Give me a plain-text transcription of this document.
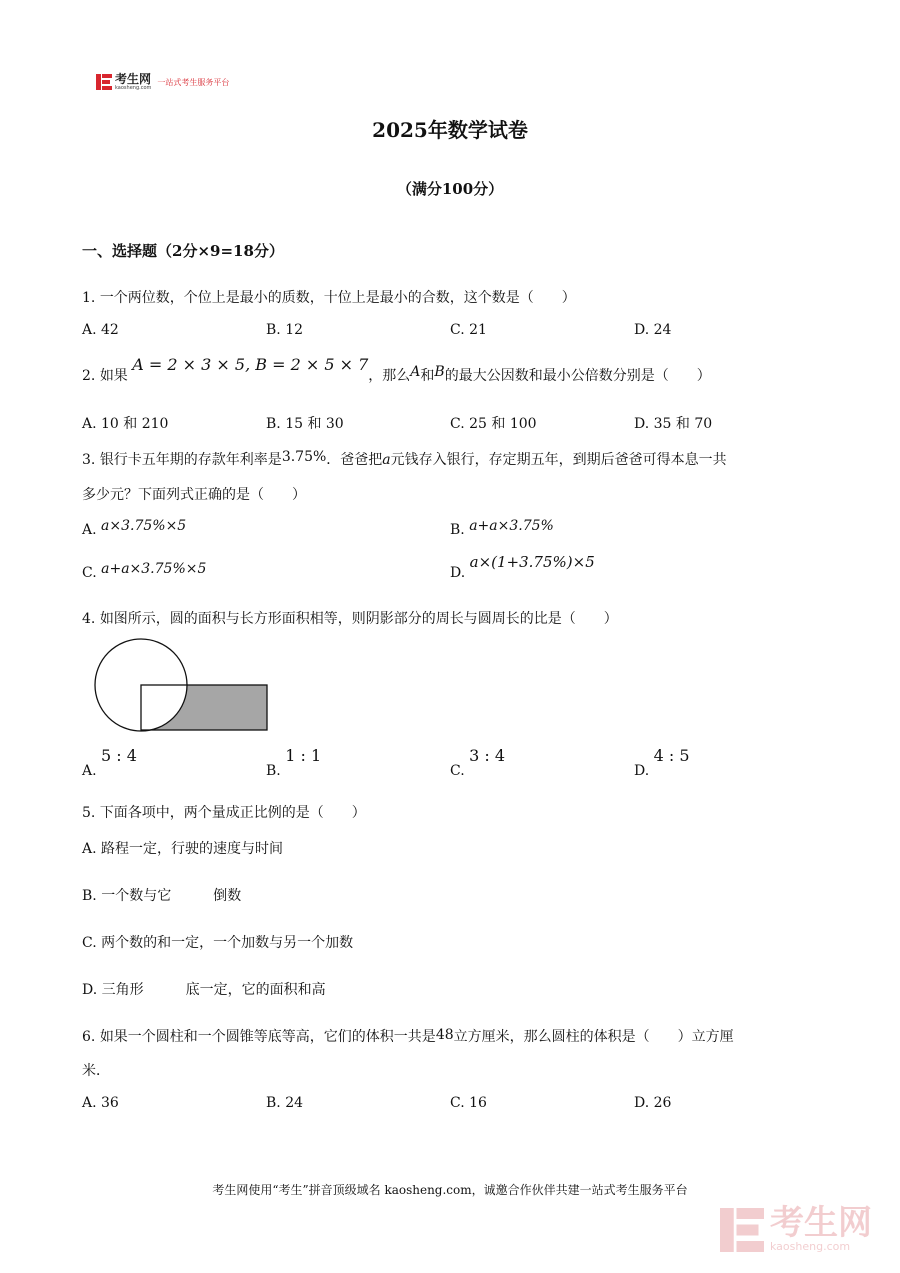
考生网
kaosheng.com
一站式考生服务平台
2025年数学试卷
（满分100分）
一、选择题（2分×9=18分）
1. 一个两位数，个位上是最小的质数，十位上是最小的合数，这个数是（　　）
A. 42	B. 12	C. 21	D. 24
2. 如果 A = 2 × 3 × 5, B = 2 × 5 × 7，那么A和B的最大公因数和最小公倍数分别是（　　）
A. 10 和 210	B. 15 和 30	C. 25 和 100	D. 35 和 70
3. 银行卡五年期的存款年利率是3.75%．爸爸把a元钱存入银行，存定期五年，到期后爸爸可得本息一共
多少元？下面列式正确的是（　　）
A. a×3.75%×5	B. a+a×3.75%
C. a+a×3.75%×5	D. a×(1+3.75%)×5
4. 如图所示，圆的面积与长方形面积相等，则阴影部分的周长与圆周长的比是（　　）
A. 5 : 4
B. 1 : 1
C. 3 : 4
D. 4 : 5
5. 下面各项中，两个量成正比例的是（　　）
A. 路程一定，行驶的速度与时间
B. 一个数与它　　　倒数
C. 两个数的和一定，一个加数与另一个加数
D. 三角形　　　底一定，它的面积和高
6. 如果一个圆柱和一个圆锥等底等高，它们的体积一共是48立方厘米，那么圆柱的体积是（　　）立方厘
米．
A. 36	B. 24	C. 16	D. 26
考生网使用“考生”拼音顶级域名 kaosheng.com，诚邀合作伙伴共建一站式考生服务平台
考生网
kaosheng.com
